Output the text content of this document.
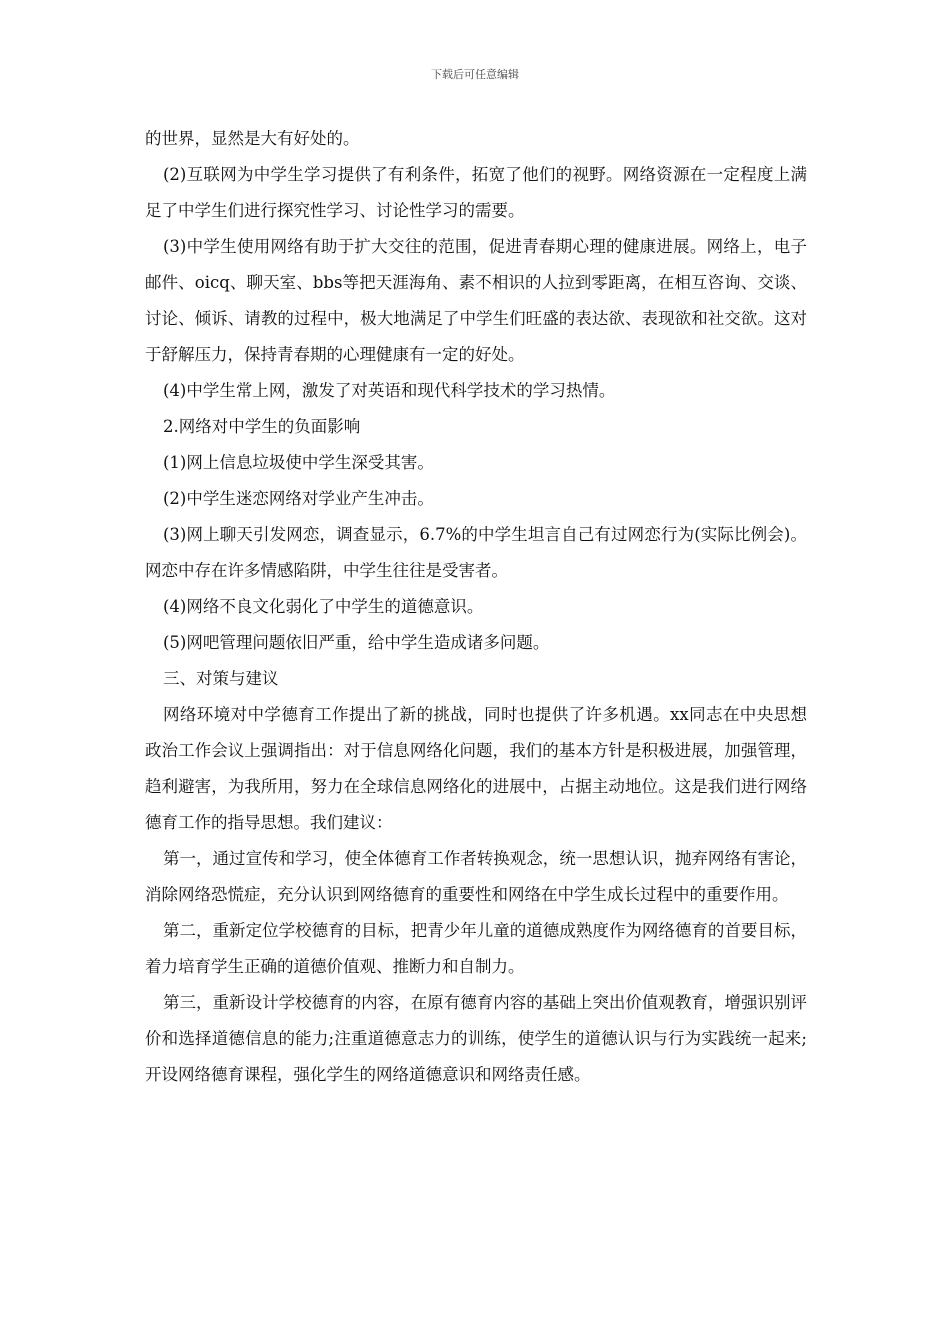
下载后可任意编辑

的世界，显然是大有好处的。

(2)互联网为中学生学习提供了有利条件，拓宽了他们的视野。网络资源在一定程度上满足了中学生们进行探究性学习、讨论性学习的需要。

(3)中学生使用网络有助于扩大交往的范围，促进青春期心理的健康进展。网络上，电子邮件、oicq、聊天室、bbs等把天涯海角、素不相识的人拉到零距离，在相互咨询、交谈、讨论、倾诉、请教的过程中，极大地满足了中学生们旺盛的表达欲、表现欲和社交欲。这对于舒解压力，保持青春期的心理健康有一定的好处。

(4)中学生常上网，激发了对英语和现代科学技术的学习热情。

2.网络对中学生的负面影响

(1)网上信息垃圾使中学生深受其害。

(2)中学生迷恋网络对学业产生冲击。

(3)网上聊天引发网恋，调查显示，6.7%的中学生坦言自己有过网恋行为(实际比例会)。网恋中存在许多情感陷阱，中学生往往是受害者。

(4)网络不良文化弱化了中学生的道德意识。

(5)网吧管理问题依旧严重，给中学生造成诸多问题。

三、对策与建议

网络环境对中学德育工作提出了新的挑战，同时也提供了许多机遇。xx同志在中央思想政治工作会议上强调指出：对于信息网络化问题，我们的基本方针是积极进展，加强管理，趋利避害，为我所用，努力在全球信息网络化的进展中，占据主动地位。这是我们进行网络德育工作的指导思想。我们建议：

第一，通过宣传和学习，使全体德育工作者转换观念，统一思想认识，抛弃网络有害论，消除网络恐慌症，充分认识到网络德育的重要性和网络在中学生成长过程中的重要作用。

第二，重新定位学校德育的目标，把青少年儿童的道德成熟度作为网络德育的首要目标，着力培育学生正确的道德价值观、推断力和自制力。

第三，重新设计学校德育的内容，在原有德育内容的基础上突出价值观教育，增强识别评价和选择道德信息的能力;注重道德意志力的训练，使学生的道德认识与行为实践统一起来;开设网络德育课程，强化学生的网络道德意识和网络责任感。
